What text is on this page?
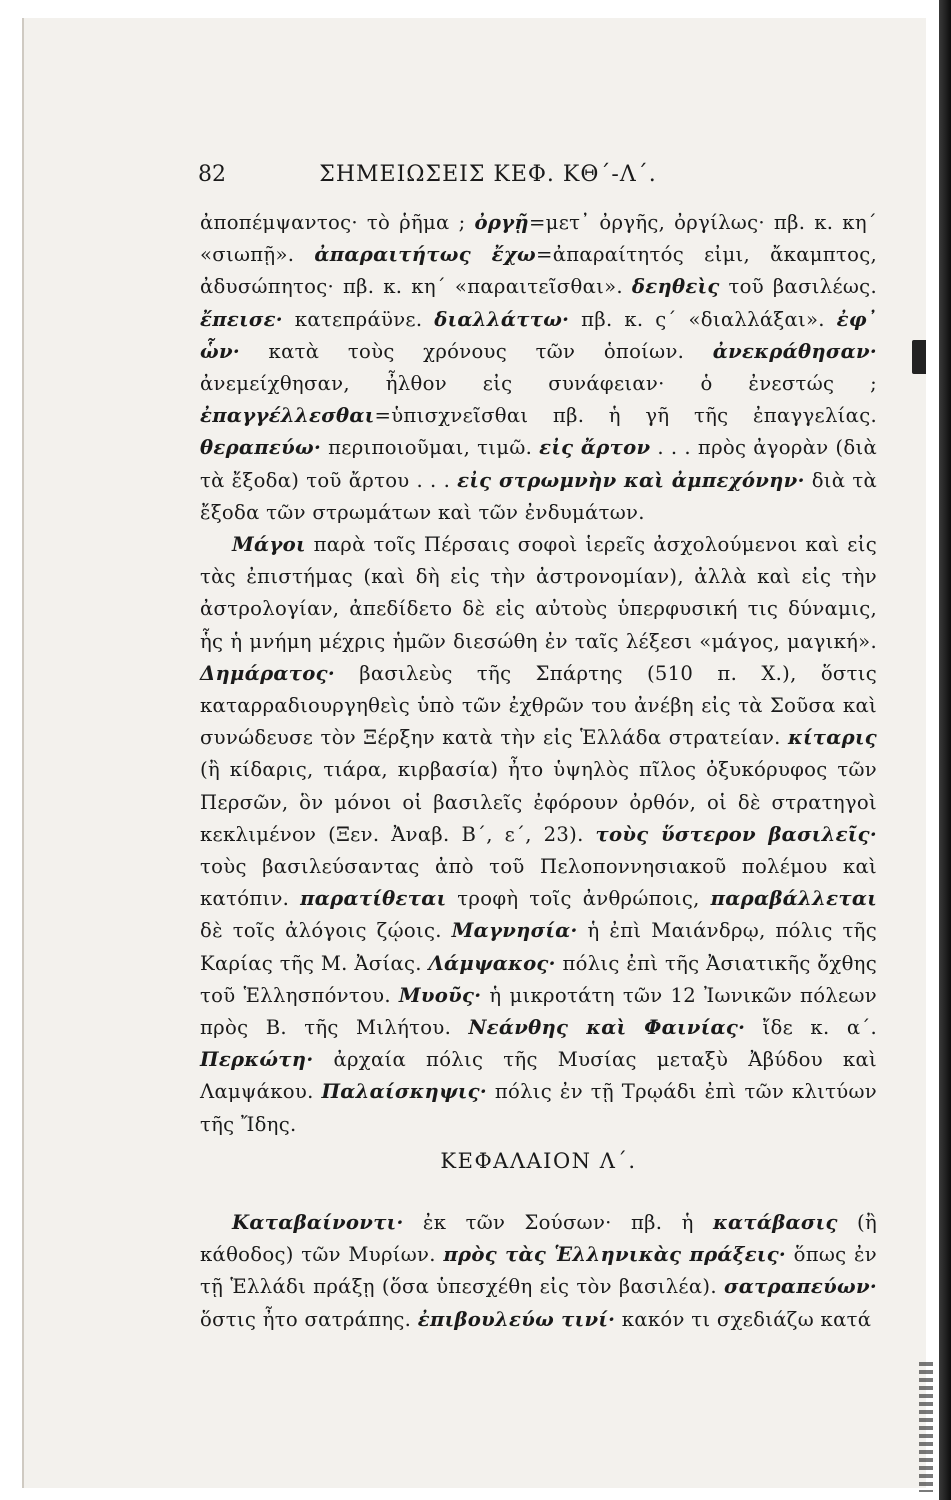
82	ΣΗΜΕΙΩΣΕΙΣ ΚΕΦ. ΚΘ΄-Λ΄.

ἀποπέμψαντος· τὸ ῥῆμα ; ὀργῇ=μετ᾽ ὀργῆς, ὀργίλως· πβ. κ. κη΄ «σιωπῇ». ἀπαραιτήτως ἔχω=ἀπαραίτητός εἰμι, ἄκαμπτος, ἀδυσώπητος· πβ. κ. κη΄ «παραιτεῖσθαι». δεηθεὶς τοῦ βασιλέως. ἔπεισε· κατεπράϋνε. διαλλάττω· πβ. κ. ς΄ «διαλλάξαι». ἐφ᾽ ὧν· κατὰ τοὺς χρόνους τῶν ὁποίων. ἀνεκράθησαν· ἀνεμείχθησαν, ἦλθον εἰς συνάφειαν· ὁ ἐνεστώς ; ἐπαγγέλλεσθαι=ὑπισχνεῖσθαι πβ. ἡ γῆ τῆς ἐπαγγελίας. θεραπεύω· περιποιοῦμαι, τιμῶ. εἰς ἄρτον . . . πρὸς ἀγορὰν (διὰ τὰ ἔξοδα) τοῦ ἄρτου . . . εἰς στρωμνὴν καὶ ἀμπεχόνην· διὰ τὰ ἔξοδα τῶν στρωμάτων καὶ τῶν ἐνδυμάτων.

Μάγοι παρὰ τοῖς Πέρσαις σοφοὶ ἱερεῖς ἀσχολούμενοι καὶ εἰς τὰς ἐπιστήμας (καὶ δὴ εἰς τὴν ἀστρονομίαν), ἀλλὰ καὶ εἰς τὴν ἀστρολογίαν, ἀπεδίδετο δὲ εἰς αὐτοὺς ὑπερφυσική τις δύναμις, ἧς ἡ μνήμη μέχρις ἡμῶν διεσώθη ἐν ταῖς λέξεσι «μάγος, μαγική». Δημάρατος· βασιλεὺς τῆς Σπάρτης (510 π. Χ.), ὅστις καταρραδιουργηθεὶς ὑπὸ τῶν ἐχθρῶν του ἀνέβη εἰς τὰ Σοῦσα καὶ συνώδευσε τὸν Ξέρξην κατὰ τὴν εἰς Ἑλλάδα στρατείαν. κίταρις (ἢ κίδαρις, τιάρα, κιρβασία) ἦτο ὑψηλὸς πῖλος ὀξυκόρυφος τῶν Περσῶν, ὃν μόνοι οἱ βασιλεῖς ἐφόρουν ὀρθόν, οἱ δὲ στρατηγοὶ κεκλιμένον (Ξεν. Ἀναβ. Β΄, ε΄, 23). τοὺς ὕστερον βασιλεῖς· τοὺς βασιλεύσαντας ἀπὸ τοῦ Πελοποννησιακοῦ πολέμου καὶ κατόπιν. παρατίθεται τροφὴ τοῖς ἀνθρώποις, παραβάλλεται δὲ τοῖς ἀλόγοις ζῴοις. Μαγνησία· ἡ ἐπὶ Μαιάνδρῳ, πόλις τῆς Καρίας τῆς Μ. Ἀσίας. Λάμψακος· πόλις ἐπὶ τῆς Ἀσιατικῆς ὄχθης τοῦ Ἑλλησπόντου. Μυοῦς· ἡ μικροτάτη τῶν 12 Ἰωνικῶν πόλεων πρὸς Β. τῆς Μιλήτου. Νεάνθης καὶ Φαινίας· ἴδε κ. α΄. Περκώτη· ἀρχαία πόλις τῆς Μυσίας μεταξὺ Ἀβύδου καὶ Λαμψάκου. Παλαίσκηψις· πόλις ἐν τῇ Τρῳάδι ἐπὶ τῶν κλιτύων τῆς Ἴδης.

ΚΕΦΑΛΑΙΟΝ Λ΄.

Καταβαίνοντι· ἐκ τῶν Σούσων· πβ. ἡ κατάβασις (ἢ κάθοδος) τῶν Μυρίων. πρὸς τὰς Ἑλληνικὰς πράξεις· ὅπως ἐν τῇ Ἑλλάδι πράξῃ (ὅσα ὑπεσχέθη εἰς τὸν βασιλέα). σατραπεύων· ὅστις ἦτο σατράπης. ἐπιβουλεύω τινί· κακόν τι σχεδιάζω κατά
